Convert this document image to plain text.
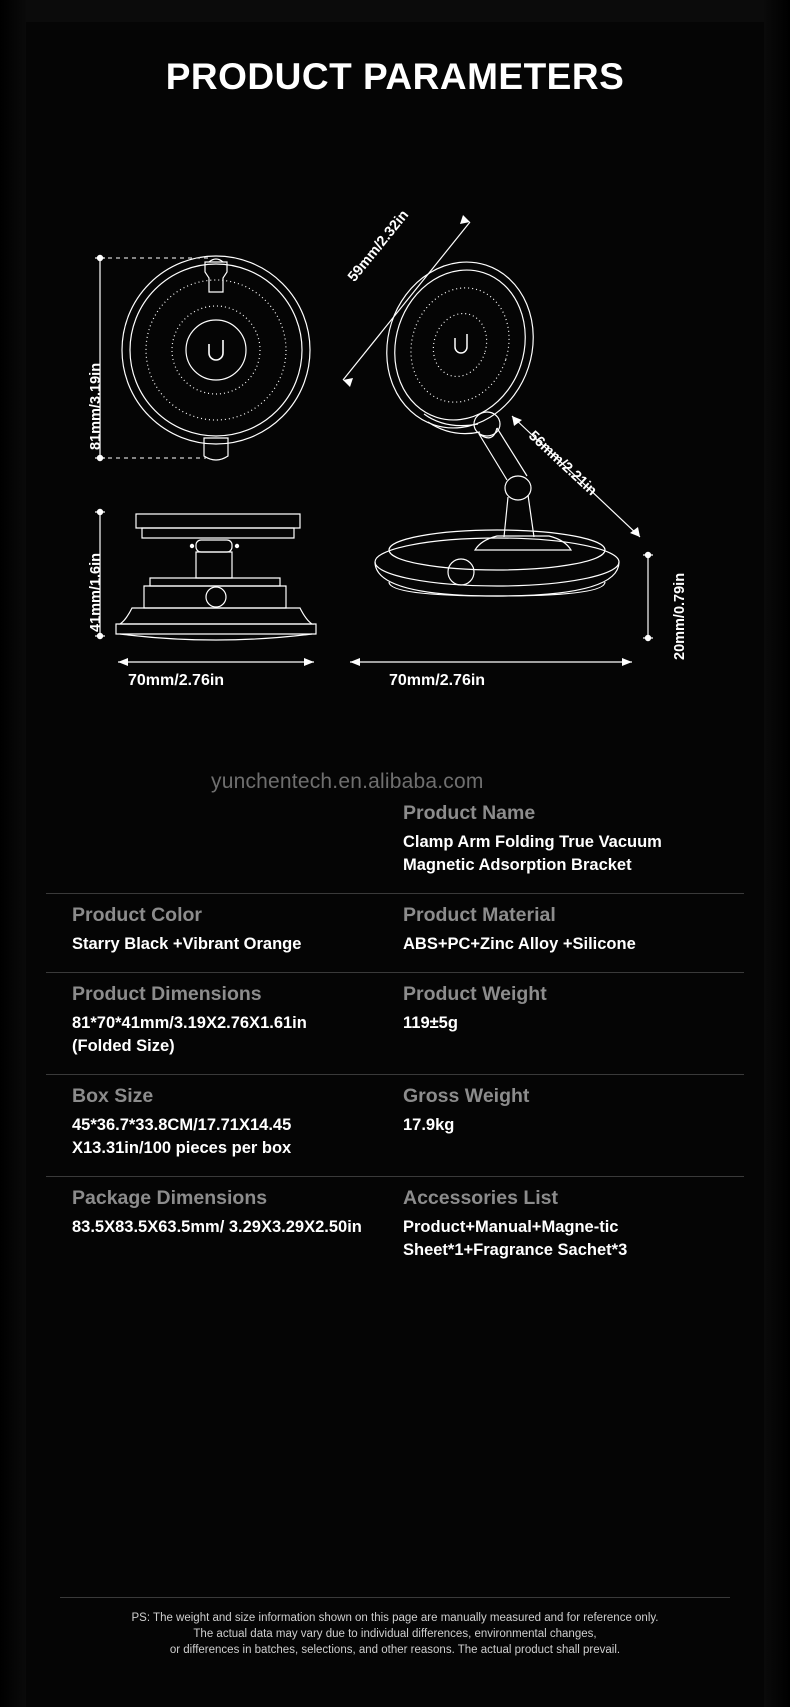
PRODUCT PARAMETERS
81mm/3.19in
59mm/2.32in
56mm/2.21in
41mm/1.6in
70mm/2.76in	70mm/2.76in
20mm/0.79in
yunchentech.en.alibaba.com
Product Name
Clamp Arm Folding True Vacuum Magnetic Adsorption Bracket
Product Color
Starry Black +Vibrant Orange
Product Material
ABS+PC+Zinc Alloy +Silicone
Product Dimensions
81*70*41mm/3.19X2.76X1.61in (Folded Size)
Product Weight
119±5g
Box Size
45*36.7*33.8CM/17.71X14.45 X13.31in/100 pieces per box
Gross Weight
17.9kg
Package Dimensions
83.5X83.5X63.5mm/ 3.29X3.29X2.50in
Accessories List
Product+Manual+Magne-tic Sheet*1+Fragrance Sachet*3
PS: The weight and size information shown on this page are manually measured and for reference only.
The actual data may vary due to individual differences, environmental changes,
or differences in batches, selections, and other reasons. The actual product shall prevail.
